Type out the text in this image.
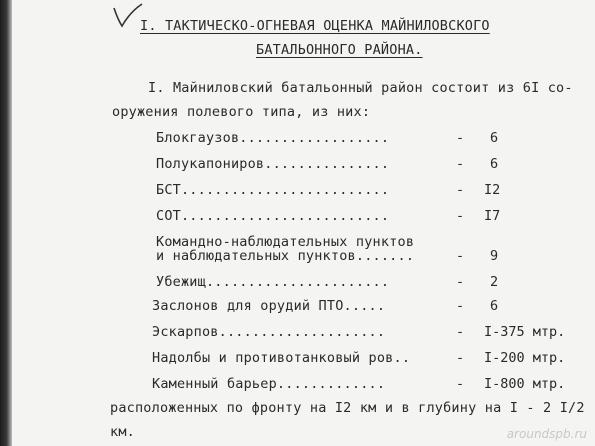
I. ТАКТИЧЕСКО-ОГНЕВАЯ ОЦЕНКА МАЙНИЛОВСКОГО
БАТАЛЬОННОГО РАЙОНА.
I. Майниловский батальонный район состоит из 6I со-
оружения полевого типа, из них:
Блокгаузов..................	- 6
Полукапониров...............	- 6
БСТ.........................	- I2
СОТ.........................	- I7
Командно-наблюдательных пунктов
и наблюдательных пунктов.......	- 9
Убежищ......................	- 2
Заслонов для орудий ПТО.....	- 6
Эскарпов....................	- I-375 мтр.
Надолбы и противотанковый ров..	- I-200 мтр.
Каменный барьер.............	- I-800 мтр.
расположенных по фронту на I2 км и в глубину на I - 2 I/2
км.	aroundspb.ru
